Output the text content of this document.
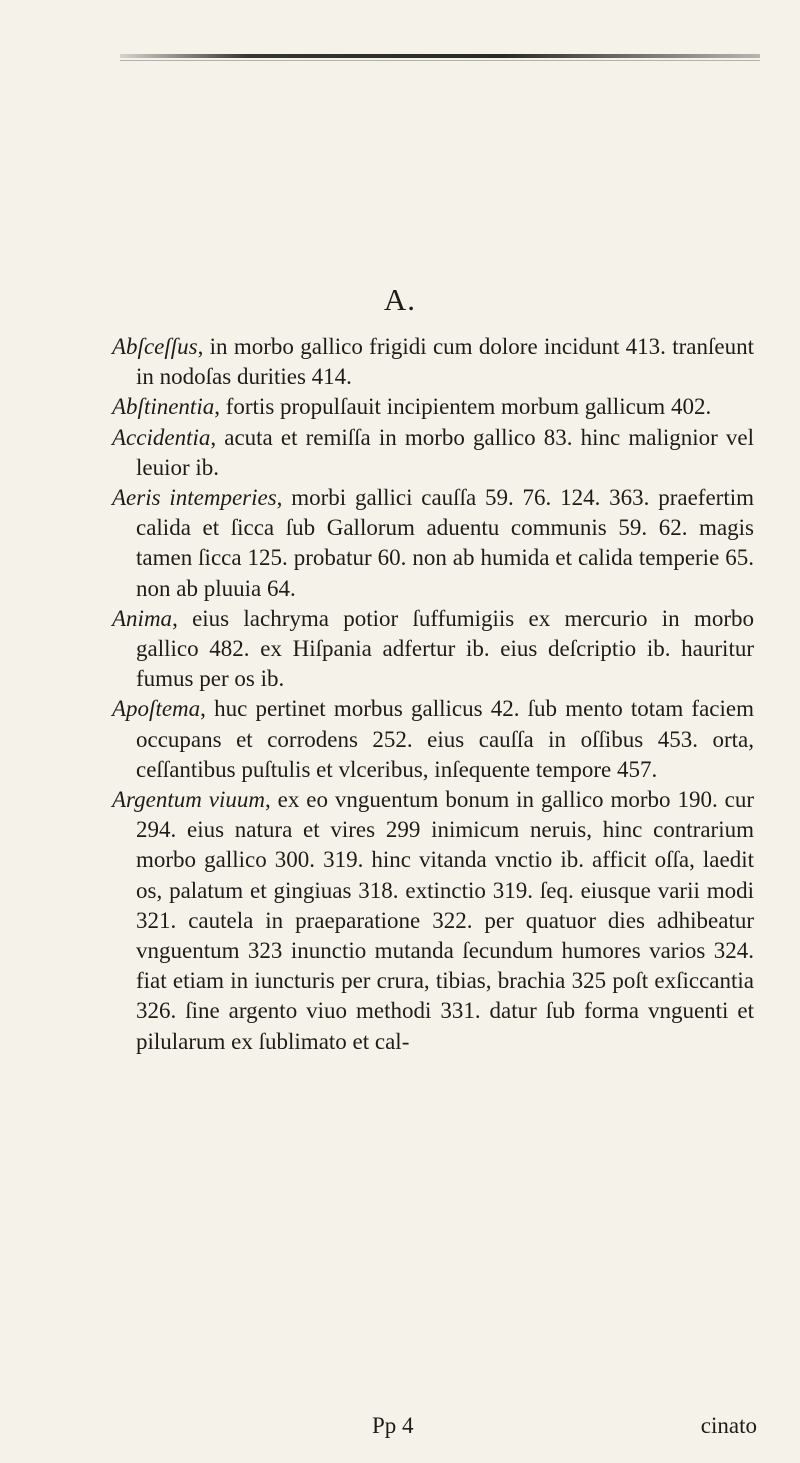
A.

Abſceſſus, in morbo gallico frigidi cum dolore incidunt 413. tranſeunt in nodoſas durities 414.

Abſtinentia, fortis propulſauit incipientem morbum gallicum 402.

Accidentia, acuta et remiſſa in morbo gallico 83. hinc malignior vel leuior ib.

Aeris intemperies, morbi gallici cauſſa 59. 76. 124. 363. praefertim calida et ſicca ſub Gallorum aduentu communis 59. 62. magis tamen ſicca 125. probatur 60. non ab humida et calida temperie 65. non ab pluuia 64.

Anima, eius lachryma potior ſuffumigiis ex mercurio in morbo gallico 482. ex Hiſpania adfertur ib. eius deſcriptio ib. hauritur fumus per os ib.

Apoſtema, huc pertinet morbus gallicus 42. ſub mento totam faciem occupans et corrodens 252. eius cauſſa in oſſibus 453. orta, ceſſantibus puſtulis et vlceribus, inſequente tempore 457.

Argentum viuum, ex eo vnguentum bonum in gallico morbo 190. cur 294. eius natura et vires 299 inimicum neruis, hinc contrarium morbo gallico 300. 319. hinc vitanda vnctio ib. afficit oſſa, laedit os, palatum et gingiuas 318. extinctio 319. ſeq. eiusque varii modi 321. cautela in praeparatione 322. per quatuor dies adhibeatur vnguentum 323 inunctio mutanda ſecundum humores varios 324. fiat etiam in iuncturis per crura, tibias, brachia 325 poſt exſiccantia 326. ſine argento viuo methodi 331. datur ſub forma vnguenti et pilularum ex ſublimato et cal-

Pp 4	cinato
